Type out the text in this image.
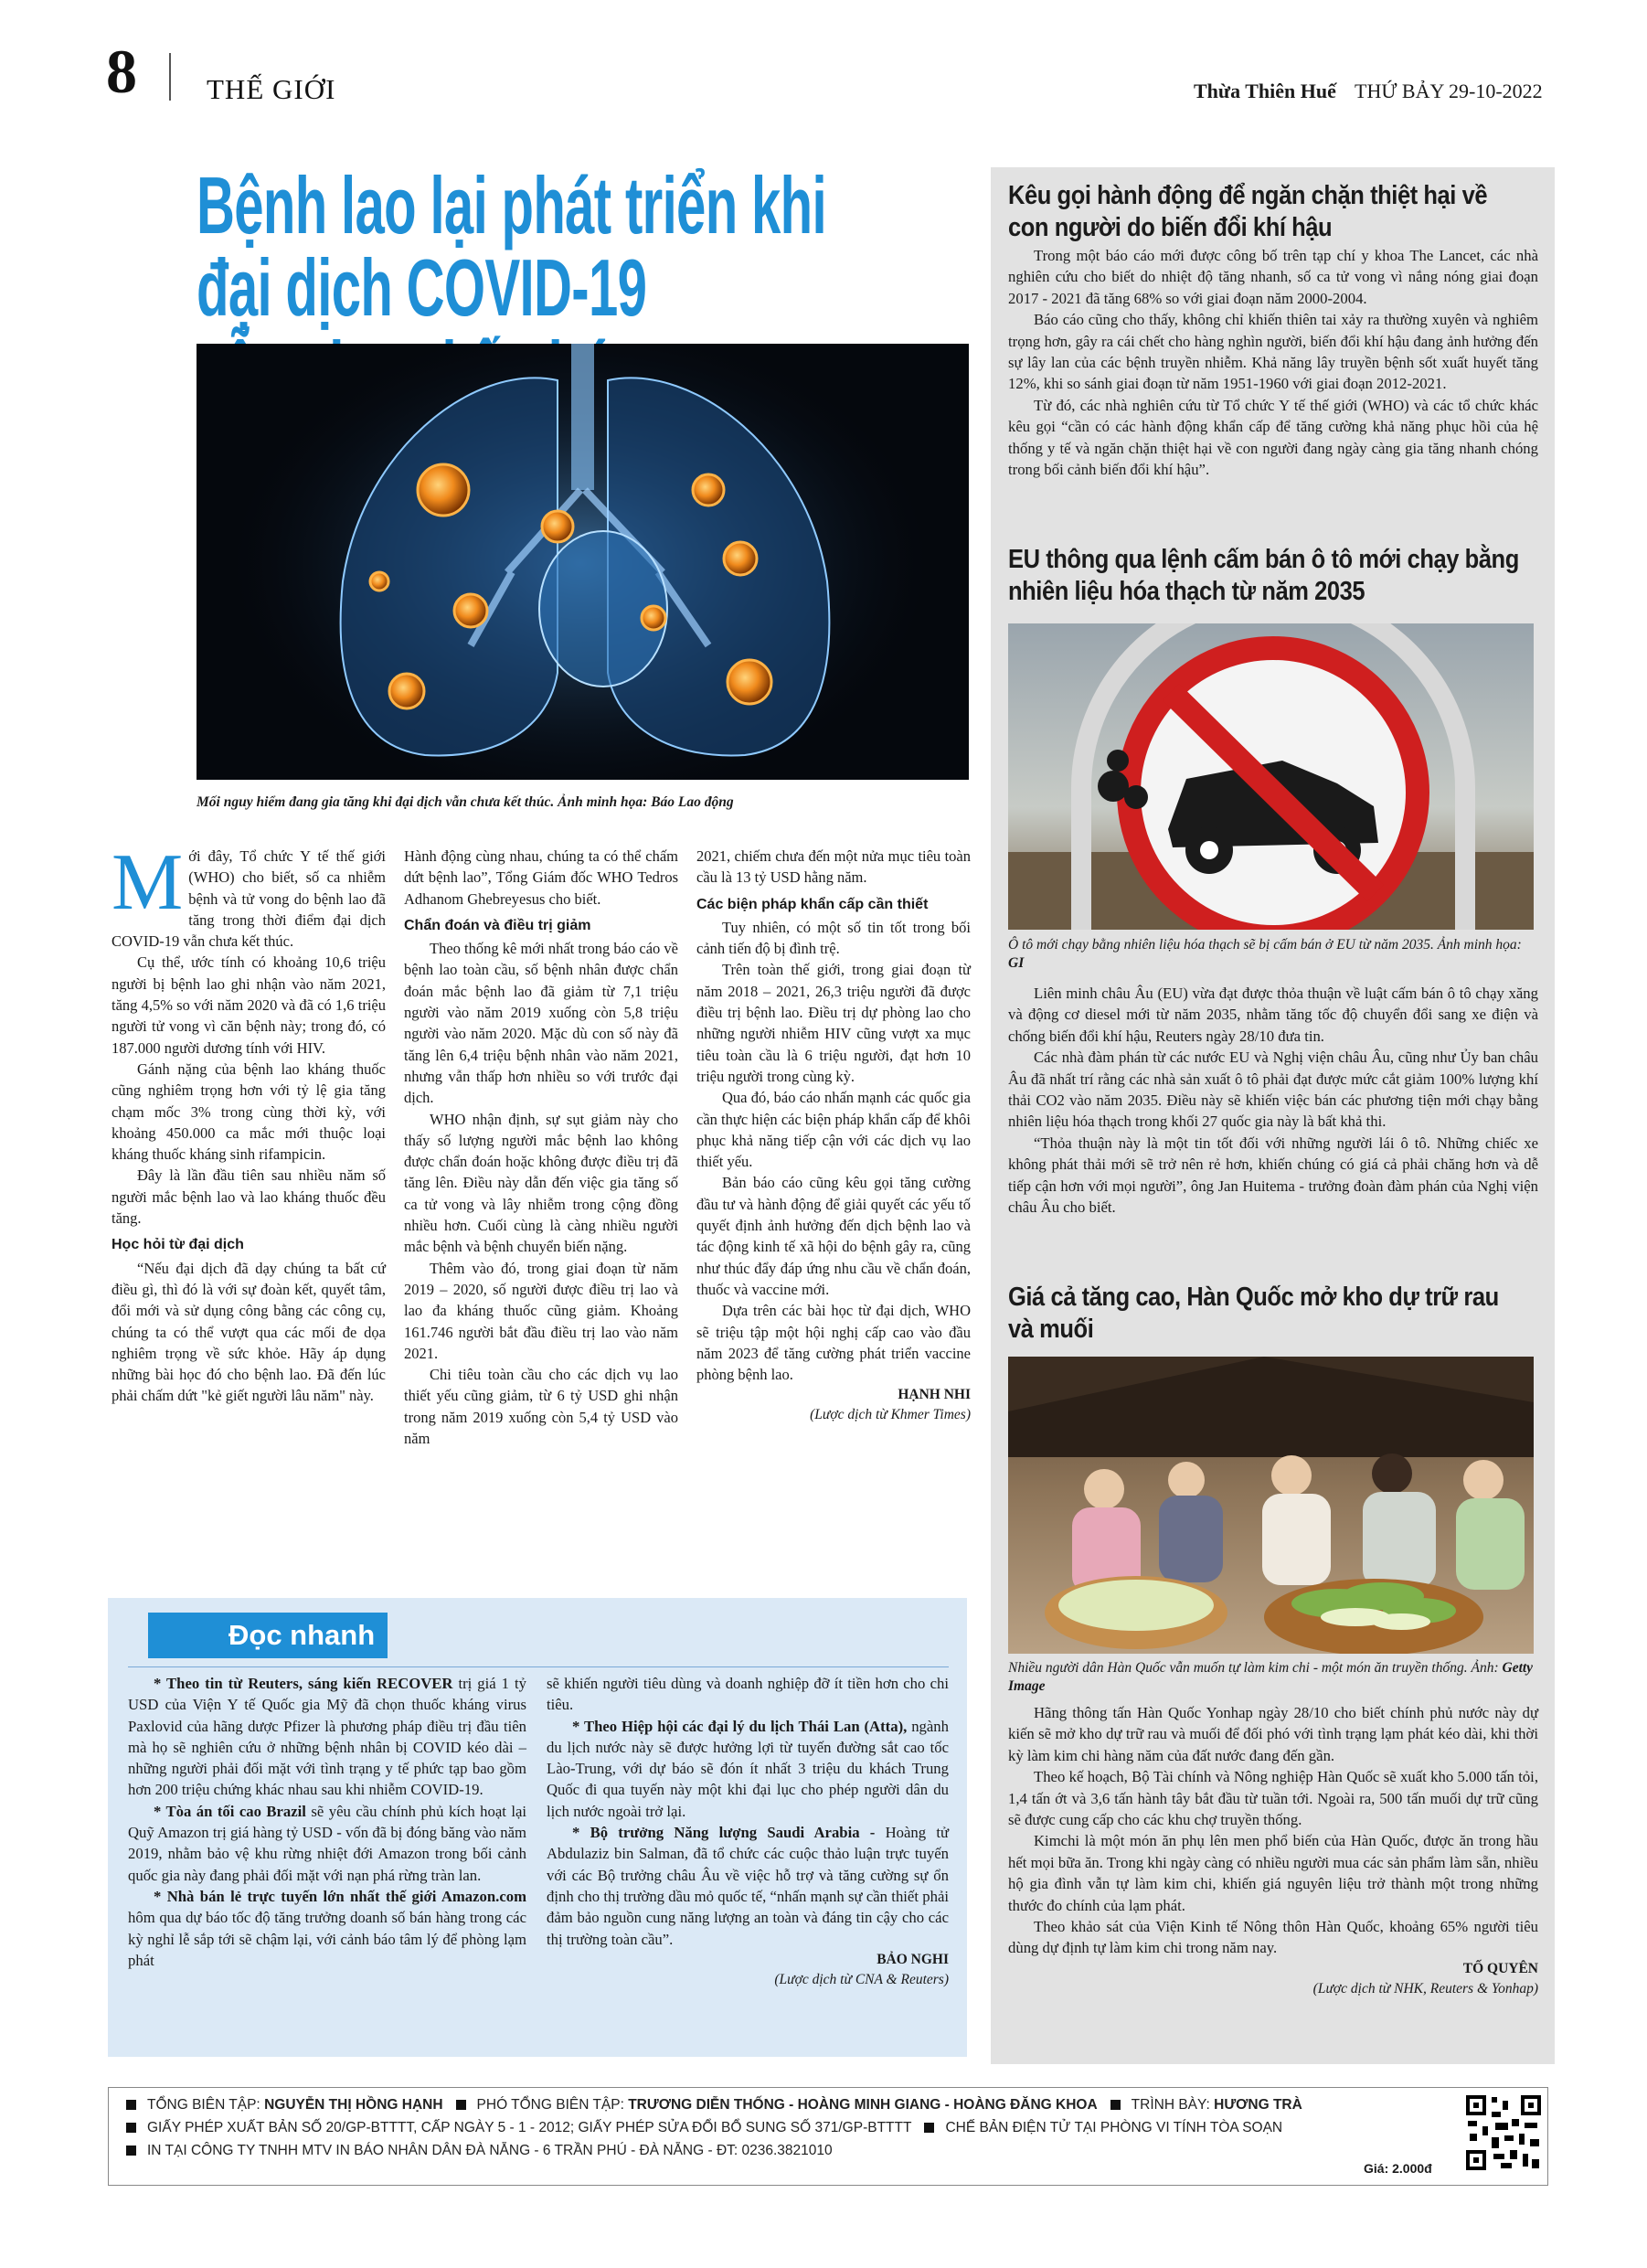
8 THẾ GIỚI	Thừa Thiên Huế THỨ BẢY 29-10-2022
Bệnh lao lại phát triển khi đại dịch COVID-19
Mối nguy hiểm đang gia tăng khi đại dịch vẫn chưa kết thúc. Ảnh minh họa: Báo Lao động

Mới đây, Tổ chức Y tế thế giới (WHO) cho biết, số ca nhiễm bệnh và tử vong do bệnh lao đã tăng trong thời điểm đại dịch COVID-19 vẫn chưa kết thúc.

Cụ thể, ước tính có khoảng 10,6 triệu người bị bệnh lao ghi nhận vào năm 2021, tăng 4,5% so với năm 2020 và đã có 1,6 triệu người tử vong vì căn bệnh này; trong đó, có 187.000 người dương tính với HIV.

Gánh nặng của bệnh lao kháng thuốc cũng nghiêm trọng hơn với tỷ lệ gia tăng chạm mốc 3% trong cùng thời kỳ, với khoảng 450.000 ca mắc mới thuộc loại kháng thuốc kháng sinh rifampicin.

Đây là lần đầu tiên sau nhiều năm số người mắc bệnh lao và lao kháng thuốc đều tăng.

Học hỏi từ đại dịch

“Nếu đại dịch đã dạy chúng ta bất cứ điều gì, thì đó là với sự đoàn kết, quyết tâm, đổi mới và sử dụng công bằng các công cụ, chúng ta có thể vượt qua các mối đe dọa nghiêm trọng về sức khỏe. Hãy áp dụng những bài học đó cho bệnh lao. Đã đến lúc phải chấm dứt "kẻ giết người lâu năm" này.

Hành động cùng nhau, chúng ta có thể chấm dứt bệnh lao”, Tổng Giám đốc WHO Tedros Adhanom Ghebreyesus cho biết.

Chẩn đoán và điều trị giảm

Theo thống kê mới nhất trong báo cáo về bệnh lao toàn cầu, số bệnh nhân được chẩn đoán mắc bệnh lao đã giảm từ 7,1 triệu người vào năm 2019 xuống còn 5,8 triệu người vào năm 2020. Mặc dù con số này đã tăng lên 6,4 triệu bệnh nhân vào năm 2021, nhưng vẫn thấp hơn nhiều so với trước đại dịch.

WHO nhận định, sự sụt giảm này cho thấy số lượng người mắc bệnh lao không được chẩn đoán hoặc không được điều trị đã tăng lên. Điều này dẫn đến việc gia tăng số ca tử vong và lây nhiễm trong cộng đồng nhiều hơn. Cuối cùng là càng nhiều người mắc bệnh và bệnh chuyển biến nặng.

Thêm vào đó, trong giai đoạn từ năm 2019 – 2020, số người được điều trị lao và lao đa kháng thuốc cũng giảm. Khoảng 161.746 người bắt đầu điều trị lao vào năm 2021.

Chi tiêu toàn cầu cho các dịch vụ lao thiết yếu cũng giảm, từ 6 tỷ USD ghi nhận trong năm 2019 xuống còn 5,4 tỷ USD vào năm

2021, chiếm chưa đến một nửa mục tiêu toàn cầu là 13 tỷ USD hằng năm.

Các biện pháp khẩn cấp cần thiết

Tuy nhiên, có một số tin tốt trong bối cảnh tiến độ bị đình trệ.

Trên toàn thế giới, trong giai đoạn từ năm 2018 – 2021, 26,3 triệu người đã được điều trị bệnh lao. Điều trị dự phòng lao cho những người nhiễm HIV cũng vượt xa mục tiêu toàn cầu là 6 triệu người, đạt hơn 10 triệu người trong cùng kỳ.

Qua đó, báo cáo nhấn mạnh các quốc gia cần thực hiện các biện pháp khẩn cấp để khôi phục khả năng tiếp cận với các dịch vụ lao thiết yếu.

Bản báo cáo cũng kêu gọi tăng cường đầu tư và hành động để giải quyết các yếu tố quyết định ảnh hưởng đến dịch bệnh lao và tác động kinh tế xã hội do bệnh gây ra, cũng như thúc đẩy đáp ứng nhu cầu về chẩn đoán, thuốc và vaccine mới.

Dựa trên các bài học từ đại dịch, WHO sẽ triệu tập một hội nghị cấp cao vào đầu năm 2023 để tăng cường phát triển vaccine phòng bệnh lao.

HẠNH NHI
(Lược dịch từ Khmer Times)
Đọc nhanh

* Theo tin từ Reuters, sáng kiến RECOVER trị giá 1 tỷ USD của Viện Y tế Quốc gia Mỹ đã chọn thuốc kháng virus Paxlovid của hãng dược Pfizer là phương pháp điều trị đầu tiên mà họ sẽ nghiên cứu ở những bệnh nhân bị COVID kéo dài – những người phải đối mặt với tình trạng y tế phức tạp bao gồm hơn 200 triệu chứng khác nhau sau khi nhiễm COVID-19.

* Tòa án tối cao Brazil sẽ yêu cầu chính phủ kích hoạt lại Quỹ Amazon trị giá hàng tỷ USD - vốn đã bị đóng băng vào năm 2019, nhằm bảo vệ khu rừng nhiệt đới Amazon trong bối cảnh quốc gia này đang phải đối mặt với nạn phá rừng tràn lan.

* Nhà bán lẻ trực tuyến lớn nhất thế giới Amazon.com hôm qua dự báo tốc độ tăng trưởng doanh số bán hàng trong các kỳ nghỉ lễ sắp tới sẽ chậm lại, với cảnh báo tâm lý để phòng lạm phát

sẽ khiến người tiêu dùng và doanh nghiệp đỡ ít tiền hơn cho chi tiêu.

* Theo Hiệp hội các đại lý du lịch Thái Lan (Atta), ngành du lịch nước này sẽ được hưởng lợi từ tuyến đường sắt cao tốc Lào-Trung, với dự báo sẽ đón ít nhất 3 triệu du khách Trung Quốc đi qua tuyến này một khi đại lục cho phép người dân du lịch nước ngoài trở lại.

* Bộ trưởng Năng lượng Saudi Arabia - Hoàng tử Abdulaziz bin Salman, đã tổ chức các cuộc thảo luận trực tuyến với các Bộ trưởng châu Âu về việc hỗ trợ và tăng cường sự ổn định cho thị trường dầu mỏ quốc tế, “nhấn mạnh sự cần thiết phải đảm bảo nguồn cung năng lượng an toàn và đáng tin cậy cho các thị trường toàn cầu”.

BẢO NGHI
(Lược dịch từ CNA & Reuters)
Kêu gọi hành động để ngăn chặn thiệt hại về con người do biến đổi khí hậu

Trong một báo cáo mới được công bố trên tạp chí y khoa The Lancet, các nhà nghiên cứu cho biết do nhiệt độ tăng nhanh, số ca tử vong vì nắng nóng giai đoạn 2017 - 2021 đã tăng 68% so với giai đoạn năm 2000-2004.

Báo cáo cũng cho thấy, không chỉ khiến thiên tai xảy ra thường xuyên và nghiêm trọng hơn, gây ra cái chết cho hàng nghìn người, biến đổi khí hậu đang ảnh hưởng đến sự lây lan của các bệnh truyền nhiễm. Khả năng lây truyền bệnh sốt xuất huyết tăng 12%, khi so sánh giai đoạn từ năm 1951-1960 với giai đoạn 2012-2021.

Từ đó, các nhà nghiên cứu từ Tổ chức Y tế thế giới (WHO) và các tổ chức khác kêu gọi “cần có các hành động khẩn cấp để tăng cường khả năng phục hồi của hệ thống y tế và ngăn chặn thiệt hại về con người đang ngày càng gia tăng nhanh chóng trong bối cảnh biến đổi khí hậu”.

EU thông qua lệnh cấm bán ô tô mới chạy bằng nhiên liệu hóa thạch từ năm 2035
Ô tô mới chạy bằng nhiên liệu hóa thạch sẽ bị cấm bán ở EU từ năm 2035. Ảnh minh họa: GI

Liên minh châu Âu (EU) vừa đạt được thỏa thuận về luật cấm bán ô tô chạy xăng và động cơ diesel mới từ năm 2035, nhằm tăng tốc độ chuyển đổi sang xe điện và chống biến đổi khí hậu, Reuters ngày 28/10 đưa tin.

Các nhà đàm phán từ các nước EU và Nghị viện châu Âu, cũng như Ủy ban châu Âu đã nhất trí rằng các nhà sản xuất ô tô phải đạt được mức cắt giảm 100% lượng khí thải CO2 vào năm 2035. Điều này sẽ khiến việc bán các phương tiện mới chạy bằng nhiên liệu hóa thạch trong khối 27 quốc gia này là bất khả thi.

“Thỏa thuận này là một tin tốt đối với những người lái ô tô. Những chiếc xe không phát thải mới sẽ trở nên rẻ hơn, khiến chúng có giá cả phải chăng hơn và dễ tiếp cận hơn với mọi người”, ông Jan Huitema - trưởng đoàn đàm phán của Nghị viện châu Âu cho biết.

Giá cả tăng cao, Hàn Quốc mở kho dự trữ rau và muối
Nhiều người dân Hàn Quốc vẫn muốn tự làm kim chi - một món ăn truyền thống. Ảnh: Getty Image

Hãng thông tấn Hàn Quốc Yonhap ngày 28/10 cho biết chính phủ nước này dự kiến sẽ mở kho dự trữ rau và muối để đối phó với tình trạng lạm phát kéo dài, khi thời kỳ làm kim chi hàng năm của đất nước đang đến gần.

Theo kế hoạch, Bộ Tài chính và Nông nghiệp Hàn Quốc sẽ xuất kho 5.000 tấn tỏi, 1,4 tấn ớt và 3,6 tấn hành tây bắt đầu từ tuần tới. Ngoài ra, 500 tấn muối dự trữ cũng sẽ được cung cấp cho các khu chợ truyền thống.

Kimchi là một món ăn phụ lên men phổ biến của Hàn Quốc, được ăn trong hầu hết mọi bữa ăn. Trong khi ngày càng có nhiều người mua các sản phẩm làm sẵn, nhiều hộ gia đình vẫn tự làm kim chi, khiến giá nguyên liệu trở thành một trong những thước đo chính của lạm phát.

Theo khảo sát của Viện Kinh tế Nông thôn Hàn Quốc, khoảng 65% người tiêu dùng dự định tự làm kim chi trong năm nay.

TỐ QUYÊN
(Lược dịch từ NHK, Reuters & Yonhap)
TỔNG BIÊN TẬP:
NGUYỄN THỊ HỒNG HẠNH PHÓ TỔNG BIÊN TẬP:
TRƯƠNG DIỄN THỐNG - HOÀNG MINH GIANG - HOÀNG ĐĂNG KHOA TRÌNH BÀY:
HƯƠNG TRÀ
GIẤY PHÉP XUẤT BẢN SỐ 20/GP-BTTTT, CẤP NGÀY 5 - 1 - 2012; GIẤY PHÉP SỬA ĐỔI BỔ SUNG SỐ 371/GP-BTTTT CHẾ BẢN ĐIỆN TỬ TẠI PHÒNG VI TÍNH TÒA SOẠN
IN TẠI CÔNG TY TNHH MTV IN BÁO NHÂN DÂN ĐÀ NẴNG - 6 TRẦN PHÚ - ĐÀ NẴNG - ĐT: 0236.3821010
Giá: 2.000đ
